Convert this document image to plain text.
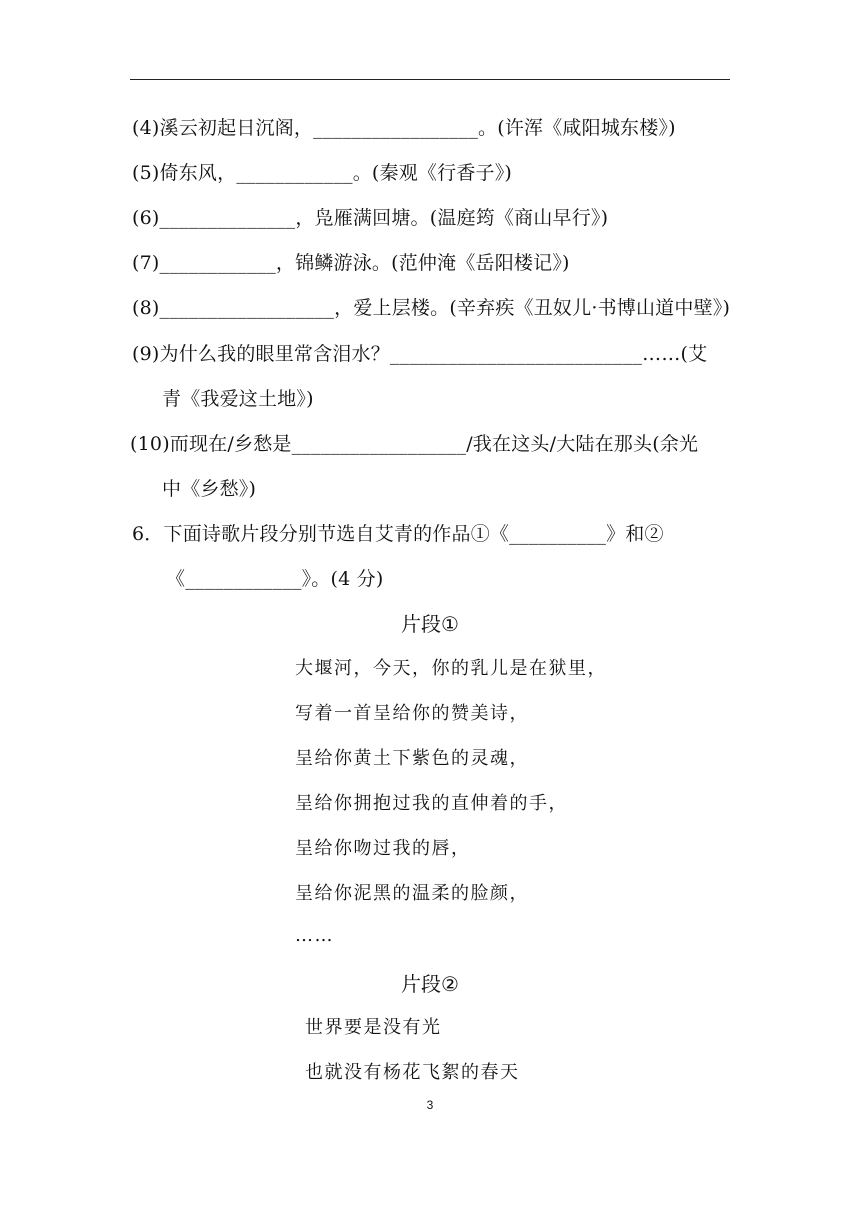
(4)溪云初起日沉阁，_________________。(许浑《咸阳城东楼》)
(5)倚东风，____________。(秦观《行香子》)
(6)______________，凫雁满回塘。(温庭筠《商山早行》)
(7)____________，锦鳞游泳。(范仲淹《岳阳楼记》)
(8)__________________，爱上层楼。(辛弃疾《丑奴儿·书博山道中壁》)
(9)为什么我的眼里常含泪水？__________________________……(艾
青《我爱这土地》)
(10)而现在/乡愁是__________________/我在这头/大陆在那头(余光
中《乡愁》)
6．下面诗歌片段分别节选自艾青的作品①《__________》和②
《____________》。(4 分)
片段①
大堰河，今天，你的乳儿是在狱里，
写着一首呈给你的赞美诗，
呈给你黄土下紫色的灵魂，
呈给你拥抱过我的直伸着的手，
呈给你吻过我的唇，
呈给你泥黑的温柔的脸颜，
……
片段②
世界要是没有光
也就没有杨花飞絮的春天
3
